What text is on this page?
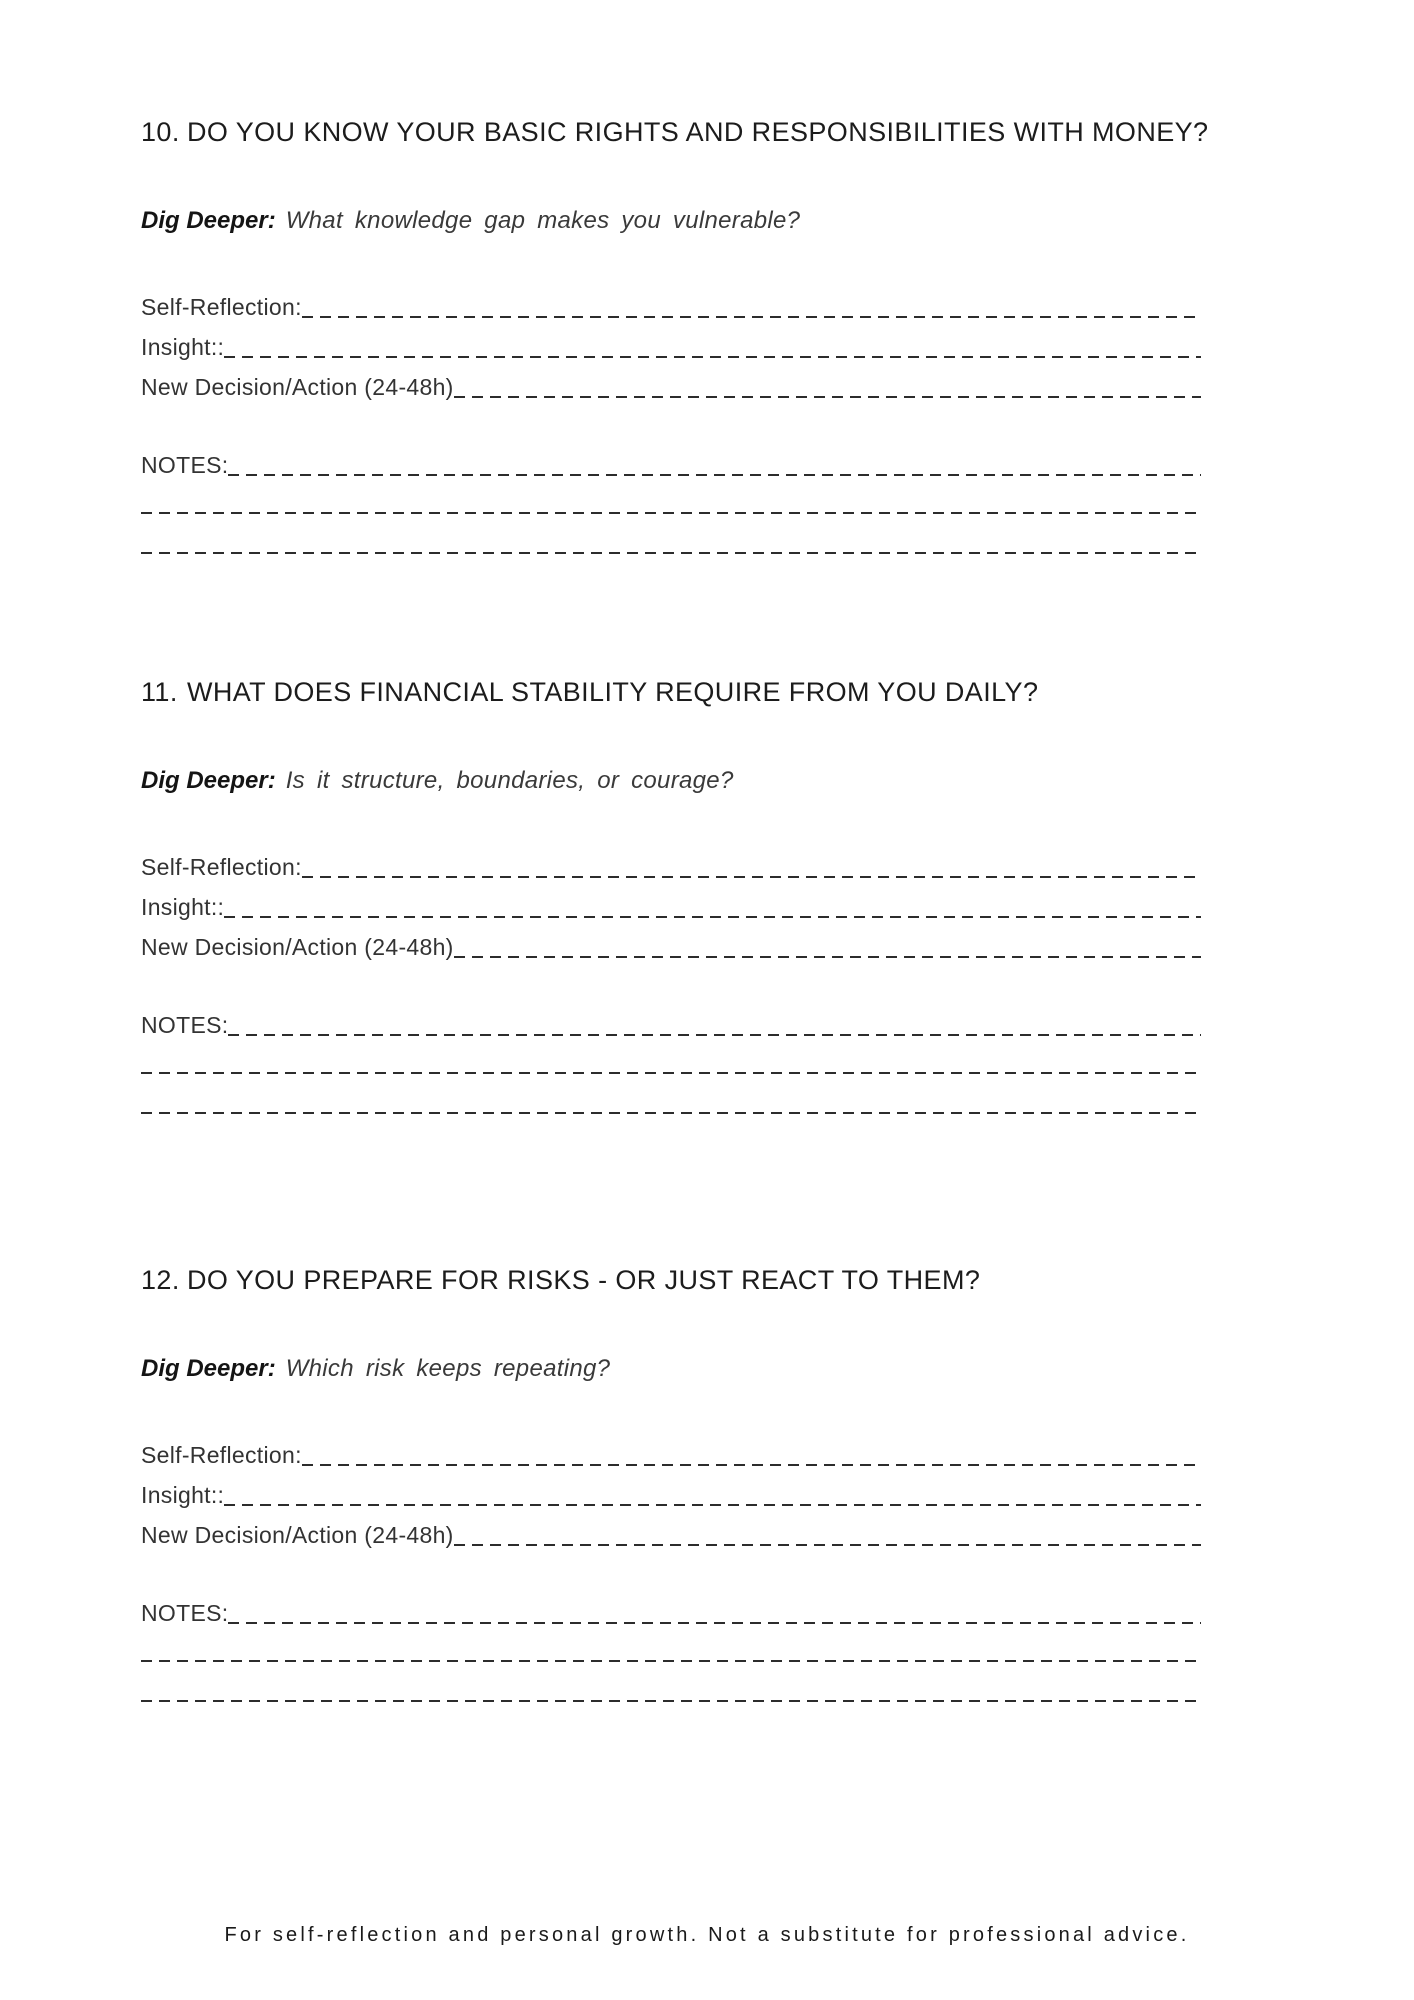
10. DO YOU KNOW YOUR BASIC RIGHTS AND RESPONSIBILITIES WITH MONEY?

Dig Deeper: What knowledge gap makes you vulnerable?

Self-Reflection:
Insight::
New Decision/Action (24-48h)
NOTES:
11. WHAT DOES FINANCIAL STABILITY REQUIRE FROM YOU DAILY?

Dig Deeper: Is it structure, boundaries, or courage?

Self-Reflection:
Insight::
New Decision/Action (24-48h)
NOTES:
12. DO YOU PREPARE FOR RISKS - OR JUST REACT TO THEM?

Dig Deeper: Which risk keeps repeating?

Self-Reflection:
Insight::
New Decision/Action (24-48h)
NOTES:
For self-reflection and personal growth. Not a substitute for professional advice.
